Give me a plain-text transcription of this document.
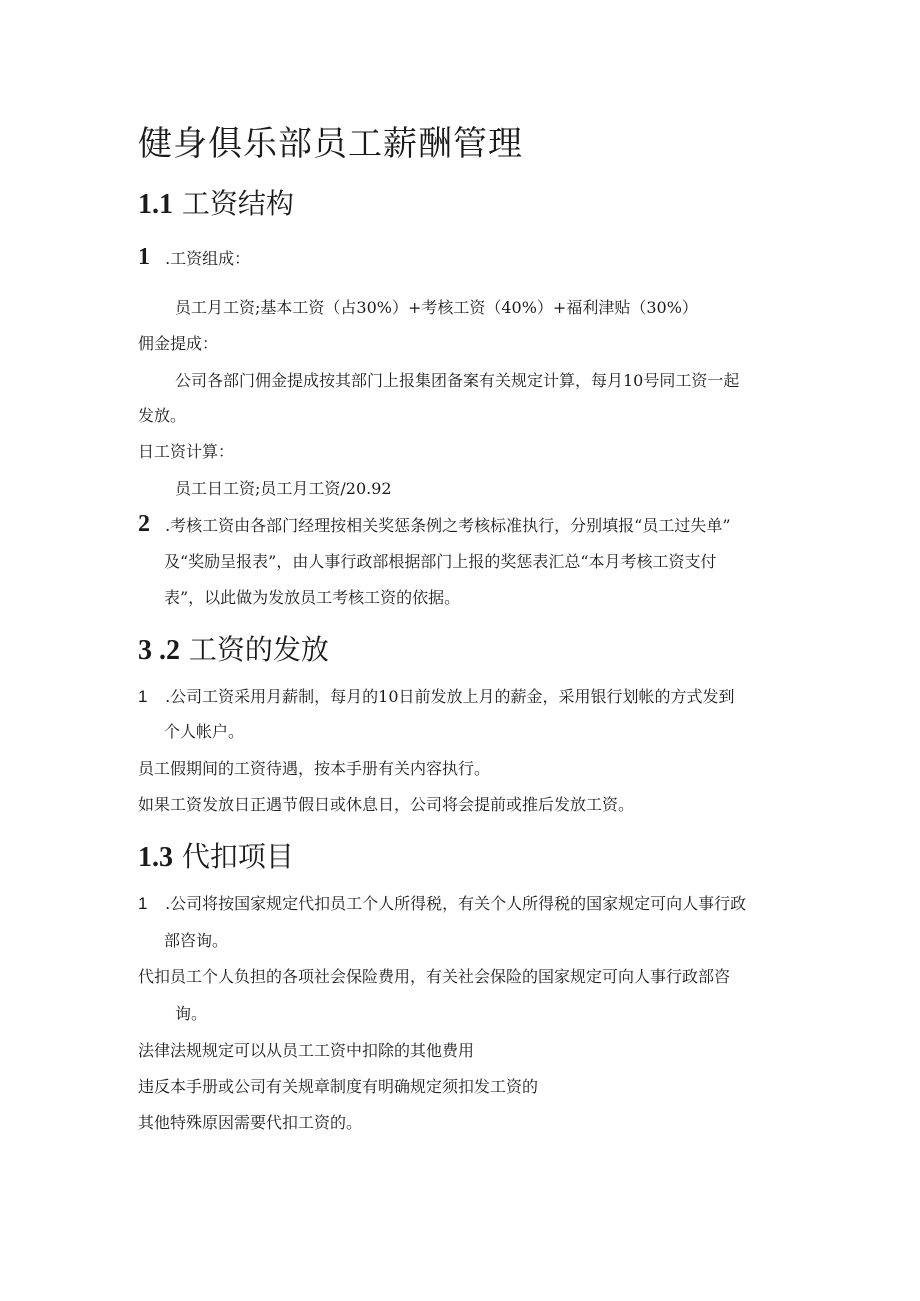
健身俱乐部员工薪酬管理
1.1 工资结构
1 .工资组成：
员工月工资;基本工资（占30%）+考核工资（40%）+福利津贴（30%）
佣金提成：
公司各部门佣金提成按其部门上报集团备案有关规定计算，每月10号同工资一起
发放。
日工资计算：
员工日工资;员工月工资/20.92
2 .考核工资由各部门经理按相关奖惩条例之考核标准执行，分别填报“员工过失单”
及“奖励呈报表”，由人事行政部根据部门上报的奖惩表汇总“本月考核工资支付
表”，以此做为发放员工考核工资的依据。
3 .2 工资的发放
1 .公司工资采用月薪制，每月的10日前发放上月的薪金，采用银行划帐的方式发到
个人帐户。
员工假期间的工资待遇，按本手册有关内容执行。
如果工资发放日正遇节假日或休息日，公司将会提前或推后发放工资。
1.3 代扣项目
1 .公司将按国家规定代扣员工个人所得税，有关个人所得税的国家规定可向人事行政
部咨询。
代扣员工个人负担的各项社会保险费用，有关社会保险的国家规定可向人事行政部咨
询。
法律法规规定可以从员工工资中扣除的其他费用
违反本手册或公司有关规章制度有明确规定须扣发工资的
其他特殊原因需要代扣工资的。
